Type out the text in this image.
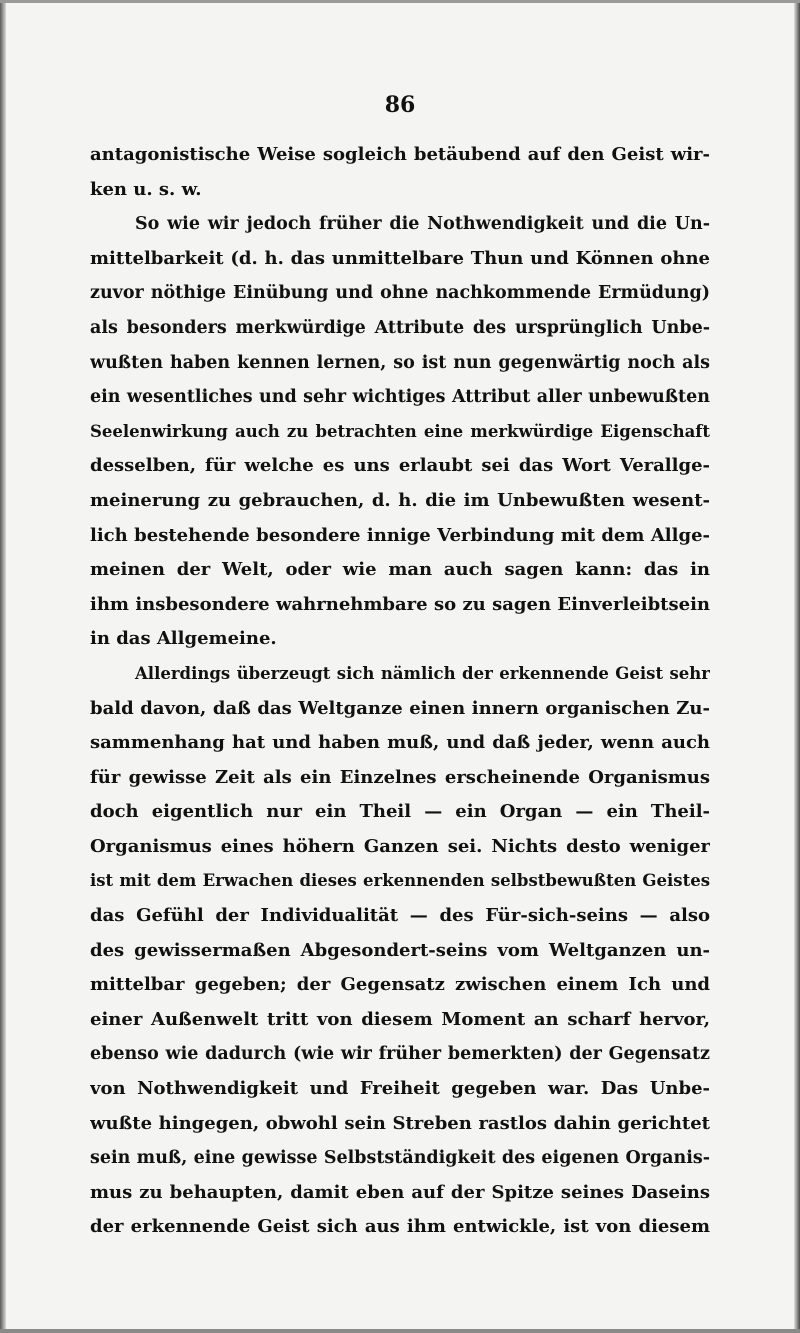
86
antagonistische Weise sogleich betäubend auf den Geist wir-
ken u. s. w.
So wie wir jedoch früher die Nothwendigkeit und die Un-
mittelbarkeit (d. h. das unmittelbare Thun und Können ohne
zuvor nöthige Einübung und ohne nachkommende Ermüdung)
als besonders merkwürdige Attribute des ursprünglich Unbe-
wußten haben kennen lernen, so ist nun gegenwärtig noch als
ein wesentliches und sehr wichtiges Attribut aller unbewußten
Seelenwirkung auch zu betrachten eine merkwürdige Eigenschaft
desselben, für welche es uns erlaubt sei das Wort Verallge-
meinerung zu gebrauchen, d. h. die im Unbewußten wesent-
lich bestehende besondere innige Verbindung mit dem Allge-
meinen der Welt, oder wie man auch sagen kann: das in
ihm insbesondere wahrnehmbare so zu sagen Einverleibtsein
in das Allgemeine.
Allerdings überzeugt sich nämlich der erkennende Geist sehr
bald davon, daß das Weltganze einen innern organischen Zu-
sammenhang hat und haben muß, und daß jeder, wenn auch
für gewisse Zeit als ein Einzelnes erscheinende Organismus
doch eigentlich nur ein Theil — ein Organ — ein Theil-
Organismus eines höhern Ganzen sei. Nichts desto weniger
ist mit dem Erwachen dieses erkennenden selbstbewußten Geistes
das Gefühl der Individualität — des Für-sich-seins — also
des gewissermaßen Abgesondert-seins vom Weltganzen un-
mittelbar gegeben; der Gegensatz zwischen einem Ich und
einer Außenwelt tritt von diesem Moment an scharf hervor,
ebenso wie dadurch (wie wir früher bemerkten) der Gegensatz
von Nothwendigkeit und Freiheit gegeben war. Das Unbe-
wußte hingegen, obwohl sein Streben rastlos dahin gerichtet
sein muß, eine gewisse Selbstständigkeit des eigenen Organis-
mus zu behaupten, damit eben auf der Spitze seines Daseins
der erkennende Geist sich aus ihm entwickle, ist von diesem
